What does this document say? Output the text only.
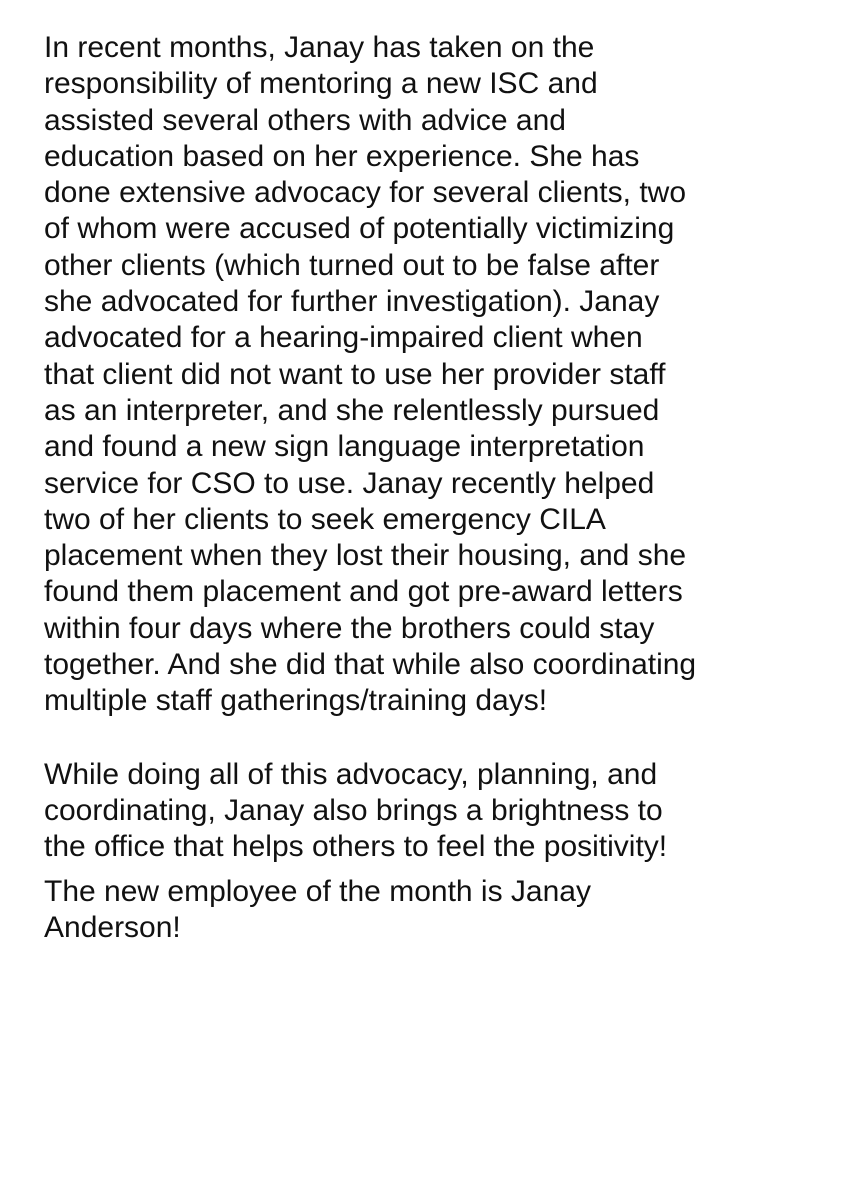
In recent months, Janay has taken on the
responsibility of mentoring a new ISC and
assisted several others with advice and
education based on her experience. She has
done extensive advocacy for several clients, two
of whom were accused of potentially victimizing
other clients (which turned out to be false after
she advocated for further investigation). Janay
advocated for a hearing-impaired client when
that client did not want to use her provider staff
as an interpreter, and she relentlessly pursued
and found a new sign language interpretation
service for CSO to use. Janay recently helped
two of her clients to seek emergency CILA
placement when they lost their housing, and she
found them placement and got pre-award letters
within four days where the brothers could stay
together. And she did that while also coordinating
multiple staff gatherings/training days!

While doing all of this advocacy, planning, and
coordinating, Janay also brings a brightness to
the office that helps others to feel the positivity!

The new employee of the month is Janay
Anderson!
